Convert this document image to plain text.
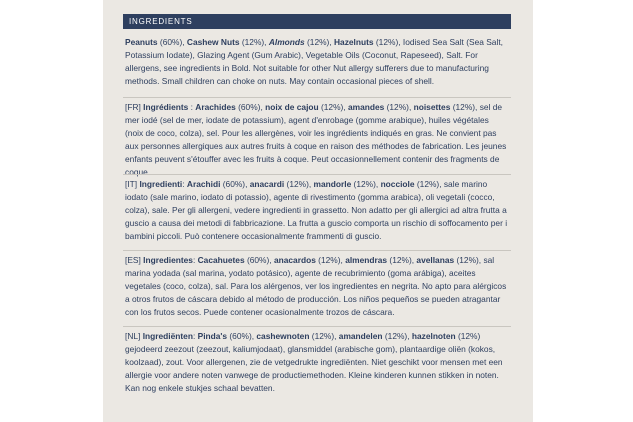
INGREDIENTS
Peanuts (60%), Cashew Nuts (12%), Almonds (12%), Hazelnuts (12%), Iodised Sea Salt (Sea Salt, Potassium Iodate), Glazing Agent (Gum Arabic), Vegetable Oils (Coconut, Rapeseed), Salt. For allergens, see ingredients in Bold. Not suitable for other Nut allergy sufferers due to manufacturing methods. Small children can choke on nuts. May contain occasional pieces of shell.
[FR] Ingrédients : Arachides (60%), noix de cajou (12%), amandes (12%), noisettes (12%), sel de mer iodé (sel de mer, iodate de potassium), agent d'enrobage (gomme arabique), huiles végétales (noix de coco, colza), sel. Pour les allergènes, voir les ingrédients indiqués en gras. Ne convient pas aux personnes allergiques aux autres fruits à coque en raison des méthodes de fabrication. Les jeunes enfants peuvent s'étouffer avec les fruits à coque. Peut occasionnellement contenir des fragments de coque.
[IT] Ingredienti: Arachidi (60%), anacardi (12%), mandorle (12%), nocciole (12%), sale marino iodato (sale marino, iodato di potassio), agente di rivestimento (gomma arabica), oli vegetali (cocco, colza), sale. Per gli allergeni, vedere ingredienti in grassetto. Non adatto per gli allergici ad altra frutta a guscio a causa dei metodi di fabbricazione. La frutta a guscio comporta un rischio di soffocamento per i bambini piccoli. Può contenere occasionalmente frammenti di guscio.
[ES] Ingredientes: Cacahuetes (60%), anacardos (12%), almendras (12%), avellanas (12%), sal marina yodada (sal marina, yodato potásico), agente de recubrimiento (goma arábiga), aceites vegetales (coco, colza), sal. Para los alérgenos, ver los ingredientes en negrita. No apto para alérgicos a otros frutos de cáscara debido al método de producción. Los niños pequeños se pueden atragantar con los frutos secos. Puede contener ocasionalmente trozos de cáscara.
[NL] Ingrediënten: Pinda's (60%), cashewnoten (12%), amandelen (12%), hazelnoten (12%) gejodeerd zeezout (zeezout, kaliumjodaat), glansmiddel (arabische gom), plantaardige oliën (kokos, koolzaad), zout. Voor allergenen, zie de vetgedrukte ingrediënten. Niet geschikt voor mensen met een allergie voor andere noten vanwege de productiemethoden. Kleine kinderen kunnen stikken in noten. Kan nog enkele stukjes schaal bevatten.
